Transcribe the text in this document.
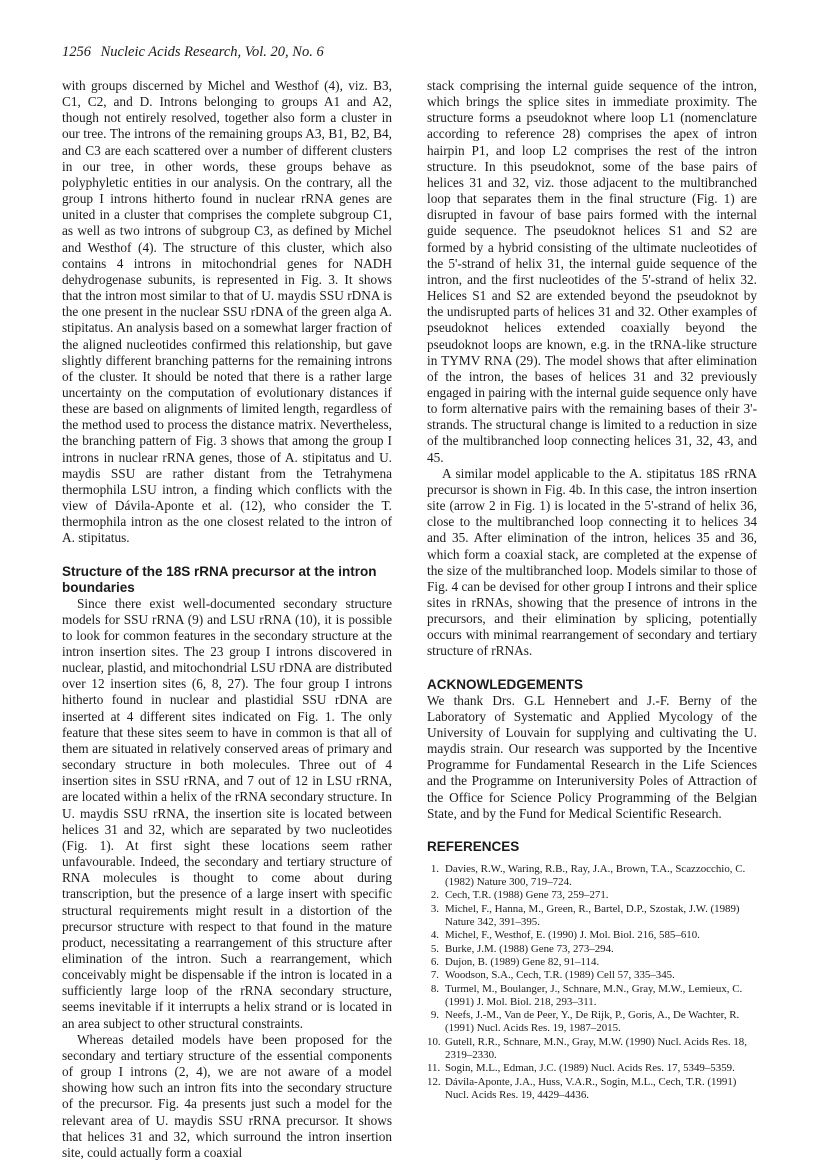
1256 Nucleic Acids Research, Vol. 20, No. 6

with groups discerned by Michel and Westhof (4), viz. B3, C1, C2, and D. Introns belonging to groups A1 and A2, though not entirely resolved, together also form a cluster in our tree. The introns of the remaining groups A3, B1, B2, B4, and C3 are each scattered over a number of different clusters in our tree, in other words, these groups behave as polyphyletic entities in our analysis. On the contrary, all the group I introns hitherto found in nuclear rRNA genes are united in a cluster that comprises the complete subgroup C1, as well as two introns of subgroup C3, as defined by Michel and Westhof (4). The structure of this cluster, which also contains 4 introns in mitochondrial genes for NADH dehydrogenase subunits, is represented in Fig. 3. It shows that the intron most similar to that of U. maydis SSU rDNA is the one present in the nuclear SSU rDNA of the green alga A. stipitatus. An analysis based on a somewhat larger fraction of the aligned nucleotides confirmed this relationship, but gave slightly different branching patterns for the remaining introns of the cluster. It should be noted that there is a rather large uncertainty on the computation of evolutionary distances if these are based on alignments of limited length, regardless of the method used to process the distance matrix. Nevertheless, the branching pattern of Fig. 3 shows that among the group I introns in nuclear rRNA genes, those of A. stipitatus and U. maydis SSU are rather distant from the Tetrahymena thermophila LSU intron, a finding which conflicts with the view of Dávila-Aponte et al. (12), who consider the T. thermophila intron as the one closest related to the intron of A. stipitatus.

Structure of the 18S rRNA precursor at the intron boundaries

Since there exist well-documented secondary structure models for SSU rRNA (9) and LSU rRNA (10), it is possible to look for common features in the secondary structure at the intron insertion sites. The 23 group I introns discovered in nuclear, plastid, and mitochondrial LSU rDNA are distributed over 12 insertion sites (6, 8, 27). The four group I introns hitherto found in nuclear and plastidial SSU rDNA are inserted at 4 different sites indicated on Fig. 1. The only feature that these sites seem to have in common is that all of them are situated in relatively conserved areas of primary and secondary structure in both molecules. Three out of 4 insertion sites in SSU rRNA, and 7 out of 12 in LSU rRNA, are located within a helix of the rRNA secondary structure. In U. maydis SSU rRNA, the insertion site is located between helices 31 and 32, which are separated by two nucleotides (Fig. 1). At first sight these locations seem rather unfavourable. Indeed, the secondary and tertiary structure of RNA molecules is thought to come about during transcription, but the presence of a large insert with specific structural requirements might result in a distortion of the precursor structure with respect to that found in the mature product, necessitating a rearrangement of this structure after elimination of the intron. Such a rearrangement, which conceivably might be dispensable if the intron is located in a sufficiently large loop of the rRNA secondary structure, seems inevitable if it interrupts a helix strand or is located in an area subject to other structural constraints.

Whereas detailed models have been proposed for the secondary and tertiary structure of the essential components of group I introns (2, 4), we are not aware of a model showing how such an intron fits into the secondary structure of the precursor. Fig. 4a presents just such a model for the relevant area of U. maydis SSU rRNA precursor. It shows that helices 31 and 32, which surround the intron insertion site, could actually form a coaxial

stack comprising the internal guide sequence of the intron, which brings the splice sites in immediate proximity. The structure forms a pseudoknot where loop L1 (nomenclature according to reference 28) comprises the apex of intron hairpin P1, and loop L2 comprises the rest of the intron structure. In this pseudoknot, some of the base pairs of helices 31 and 32, viz. those adjacent to the multibranched loop that separates them in the final structure (Fig. 1) are disrupted in favour of base pairs formed with the internal guide sequence. The pseudoknot helices S1 and S2 are formed by a hybrid consisting of the ultimate nucleotides of the 5'-strand of helix 31, the internal guide sequence of the intron, and the first nucleotides of the 5'-strand of helix 32. Helices S1 and S2 are extended beyond the pseudoknot by the undisrupted parts of helices 31 and 32. Other examples of pseudoknot helices extended coaxially beyond the pseudoknot loops are known, e.g. in the tRNA-like structure in TYMV RNA (29). The model shows that after elimination of the intron, the bases of helices 31 and 32 previously engaged in pairing with the internal guide sequence only have to form alternative pairs with the remaining bases of their 3'-strands. The structural change is limited to a reduction in size of the multibranched loop connecting helices 31, 32, 43, and 45.

A similar model applicable to the A. stipitatus 18S rRNA precursor is shown in Fig. 4b. In this case, the intron insertion site (arrow 2 in Fig. 1) is located in the 5'-strand of helix 36, close to the multibranched loop connecting it to helices 34 and 35. After elimination of the intron, helices 35 and 36, which form a coaxial stack, are completed at the expense of the size of the multibranched loop. Models similar to those of Fig. 4 can be devised for other group I introns and their splice sites in rRNAs, showing that the presence of introns in the precursors, and their elimination by splicing, potentially occurs with minimal rearrangement of secondary and tertiary structure of rRNAs.

ACKNOWLEDGEMENTS

We thank Drs. G.L Hennebert and J.-F. Berny of the Laboratory of Systematic and Applied Mycology of the University of Louvain for supplying and cultivating the U. maydis strain. Our research was supported by the Incentive Programme for Fundamental Research in the Life Sciences and the Programme on Interuniversity Poles of Attraction of the Office for Science Policy Programming of the Belgian State, and by the Fund for Medical Scientific Research.

REFERENCES
1. Davies, R.W., Waring, R.B., Ray, J.A., Brown, T.A., Scazzocchio, C. (1982) Nature 300, 719–724.
2. Cech, T.R. (1988) Gene 73, 259–271.
3. Michel, F., Hanna, M., Green, R., Bartel, D.P., Szostak, J.W. (1989) Nature 342, 391–395.
4. Michel, F., Westhof, E. (1990) J. Mol. Biol. 216, 585–610.
5. Burke, J.M. (1988) Gene 73, 273–294.
6. Dujon, B. (1989) Gene 82, 91–114.
7. Woodson, S.A., Cech, T.R. (1989) Cell 57, 335–345.
8. Turmel, M., Boulanger, J., Schnare, M.N., Gray, M.W., Lemieux, C. (1991) J. Mol. Biol. 218, 293–311.
9. Neefs, J.-M., Van de Peer, Y., De Rijk, P., Goris, A., De Wachter, R. (1991) Nucl. Acids Res. 19, 1987–2015.
10. Gutell, R.R., Schnare, M.N., Gray, M.W. (1990) Nucl. Acids Res. 18, 2319–2330.
11. Sogin, M.L., Edman, J.C. (1989) Nucl. Acids Res. 17, 5349–5359.
12. Dávila-Aponte, J.A., Huss, V.A.R., Sogin, M.L., Cech, T.R. (1991) Nucl. Acids Res. 19, 4429–4436.
